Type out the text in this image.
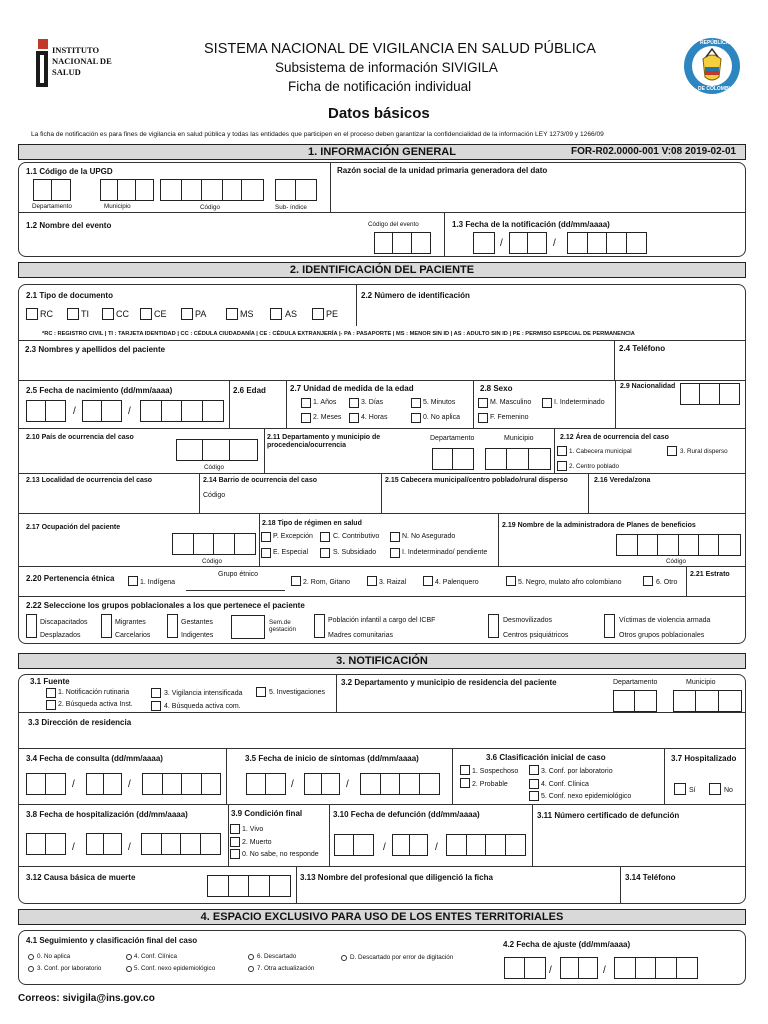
INSTITUTO
NACIONAL DE
SALUD
SISTEMA NACIONAL DE VIGILANCIA EN SALUD PÚBLICA
Subsistema de información SIVIGILA
Ficha de notificación individual
Datos básicos
REPÚBLICA
DE COLOMBIA
La ficha de notificación es para fines de vigilancia en salud pública y todas las entidades que participen en el proceso deben garantizar la confidencialidad de la información LEY 1273/09 y 1266/09
1. INFORMACIÓN GENERAL	FOR-R02.0000-001 V:08 2019-02-01
1.1 Código de la UPGD
Departamento	Municipio	Código	Sub- índice
Razón social de la unidad primaria generadora del dato
1.2 Nombre del evento	Código del evento	1.3 Fecha de la notificación (dd/mm/aaaa)
/	/
2. IDENTIFICACIÓN DEL PACIENTE
2.1 Tipo de documento
RC	TI	CC	CE	PA	MS	AS	PE
2.2 Número de identificación
*RC : REGISTRO CIVIL | TI : TARJETA IDENTIDAD | CC : CÉDULA CIUDADANÍA | CE : CÉDULA EXTRANJERÍA |- PA : PASAPORTE | MS : MENOR SIN ID | AS : ADULTO SIN ID | PE : PERMISO ESPECIAL DE PERMANENCIA
2.3 Nombres y apellidos del paciente	2.4 Teléfono
2.5 Fecha de nacimiento (dd/mm/aaaa)
/	/
2.6 Edad	2.7 Unidad de medida de la edad
1. Años
2. Meses
3. Días
4. Horas
5. Minutos
0. No aplica
2.8 Sexo
M. Masculino
F. Femenino
I. Indeterminado
2.9 Nacionalidad
2.10 País de ocurrencia del caso
Código
2.11 Departamento y municipio de procedencia/ocurrencia
Departamento	Municipio	2.12 Área de ocurrencia del caso
1. Cabecera municipal
2. Centro poblado
3. Rural disperso
2.13 Localidad de ocurrencia del caso	2.14 Barrio de ocurrencia del caso
Código
2.15 Cabecera municipal/centro poblado/rural disperso	2.16 Vereda/zona
2.17 Ocupación del paciente
Código
2.18 Tipo de régimen en salud
P. Excepción
E. Especial
C. Contributivo
S. Subsidiado
N. No Asegurado
I. Indeterminado/ pendiente
2.19 Nombre de la administradora de Planes de beneficios
Código
2.20 Pertenencia étnica	1. Indígena
Grupo étnico
2. Rom, Gitano	3. Raizal	4. Palenquero	5. Negro, mulato afro colombiano	6. Otro
2.21 Estrato
2.22 Seleccione los grupos poblacionales a los que pertenece el paciente
Discapacitados
Desplazados
Migrantes
Carcelarios
Gestantes
Indigentes
Sem.de gestación
Población infantil a cargo del ICBF
Madres comunitarias
Desmovilizados
Centros psiquiátricos
Víctimas de violencia armada
Otros grupos poblacionales
3. NOTIFICACIÓN
3.1 Fuente
1. Notificación rutinaria
2. Búsqueda activa Inst.
3. Vigilancia intensificada
4. Búsqueda activa com.
5. Investigaciones
3.2 Departamento y municipio de residencia del paciente	Departamento	Municipio
3.3 Dirección de residencia
3.4 Fecha de consulta (dd/mm/aaaa)
/	/
3.5 Fecha de inicio de síntomas (dd/mm/aaaa)
/	/
3.6 Clasificación inicial de caso
1. Sospechoso
2. Probable
3. Conf. por laboratorio
4. Conf. Clínica
5. Conf. nexo epidemiológico
3.7 Hospitalizado
Sí	No
3.8 Fecha de hospitalización (dd/mm/aaaa)
/	/
3.9 Condición final
1. Vivo
2. Muerto
0. No sabe, no responde
3.10 Fecha de defunción (dd/mm/aaaa)
/	/
3.11 Número certificado de defunción
3.12 Causa básica de muerte	3.13 Nombre del profesional que diligenció la ficha	3.14 Teléfono
4. ESPACIO EXCLUSIVO PARA USO DE LOS ENTES TERRITORIALES
4.1 Seguimiento y clasificación final del caso
0. No aplica
3. Conf. por laboratorio
4. Conf. Clínica
5. Conf. nexo epidemiológico
6. Descartado
7. Otra actualización
D. Descartado por error de digitación
4.2 Fecha de ajuste (dd/mm/aaaa)
/	/
Correos: sivigila@ins.gov.co
